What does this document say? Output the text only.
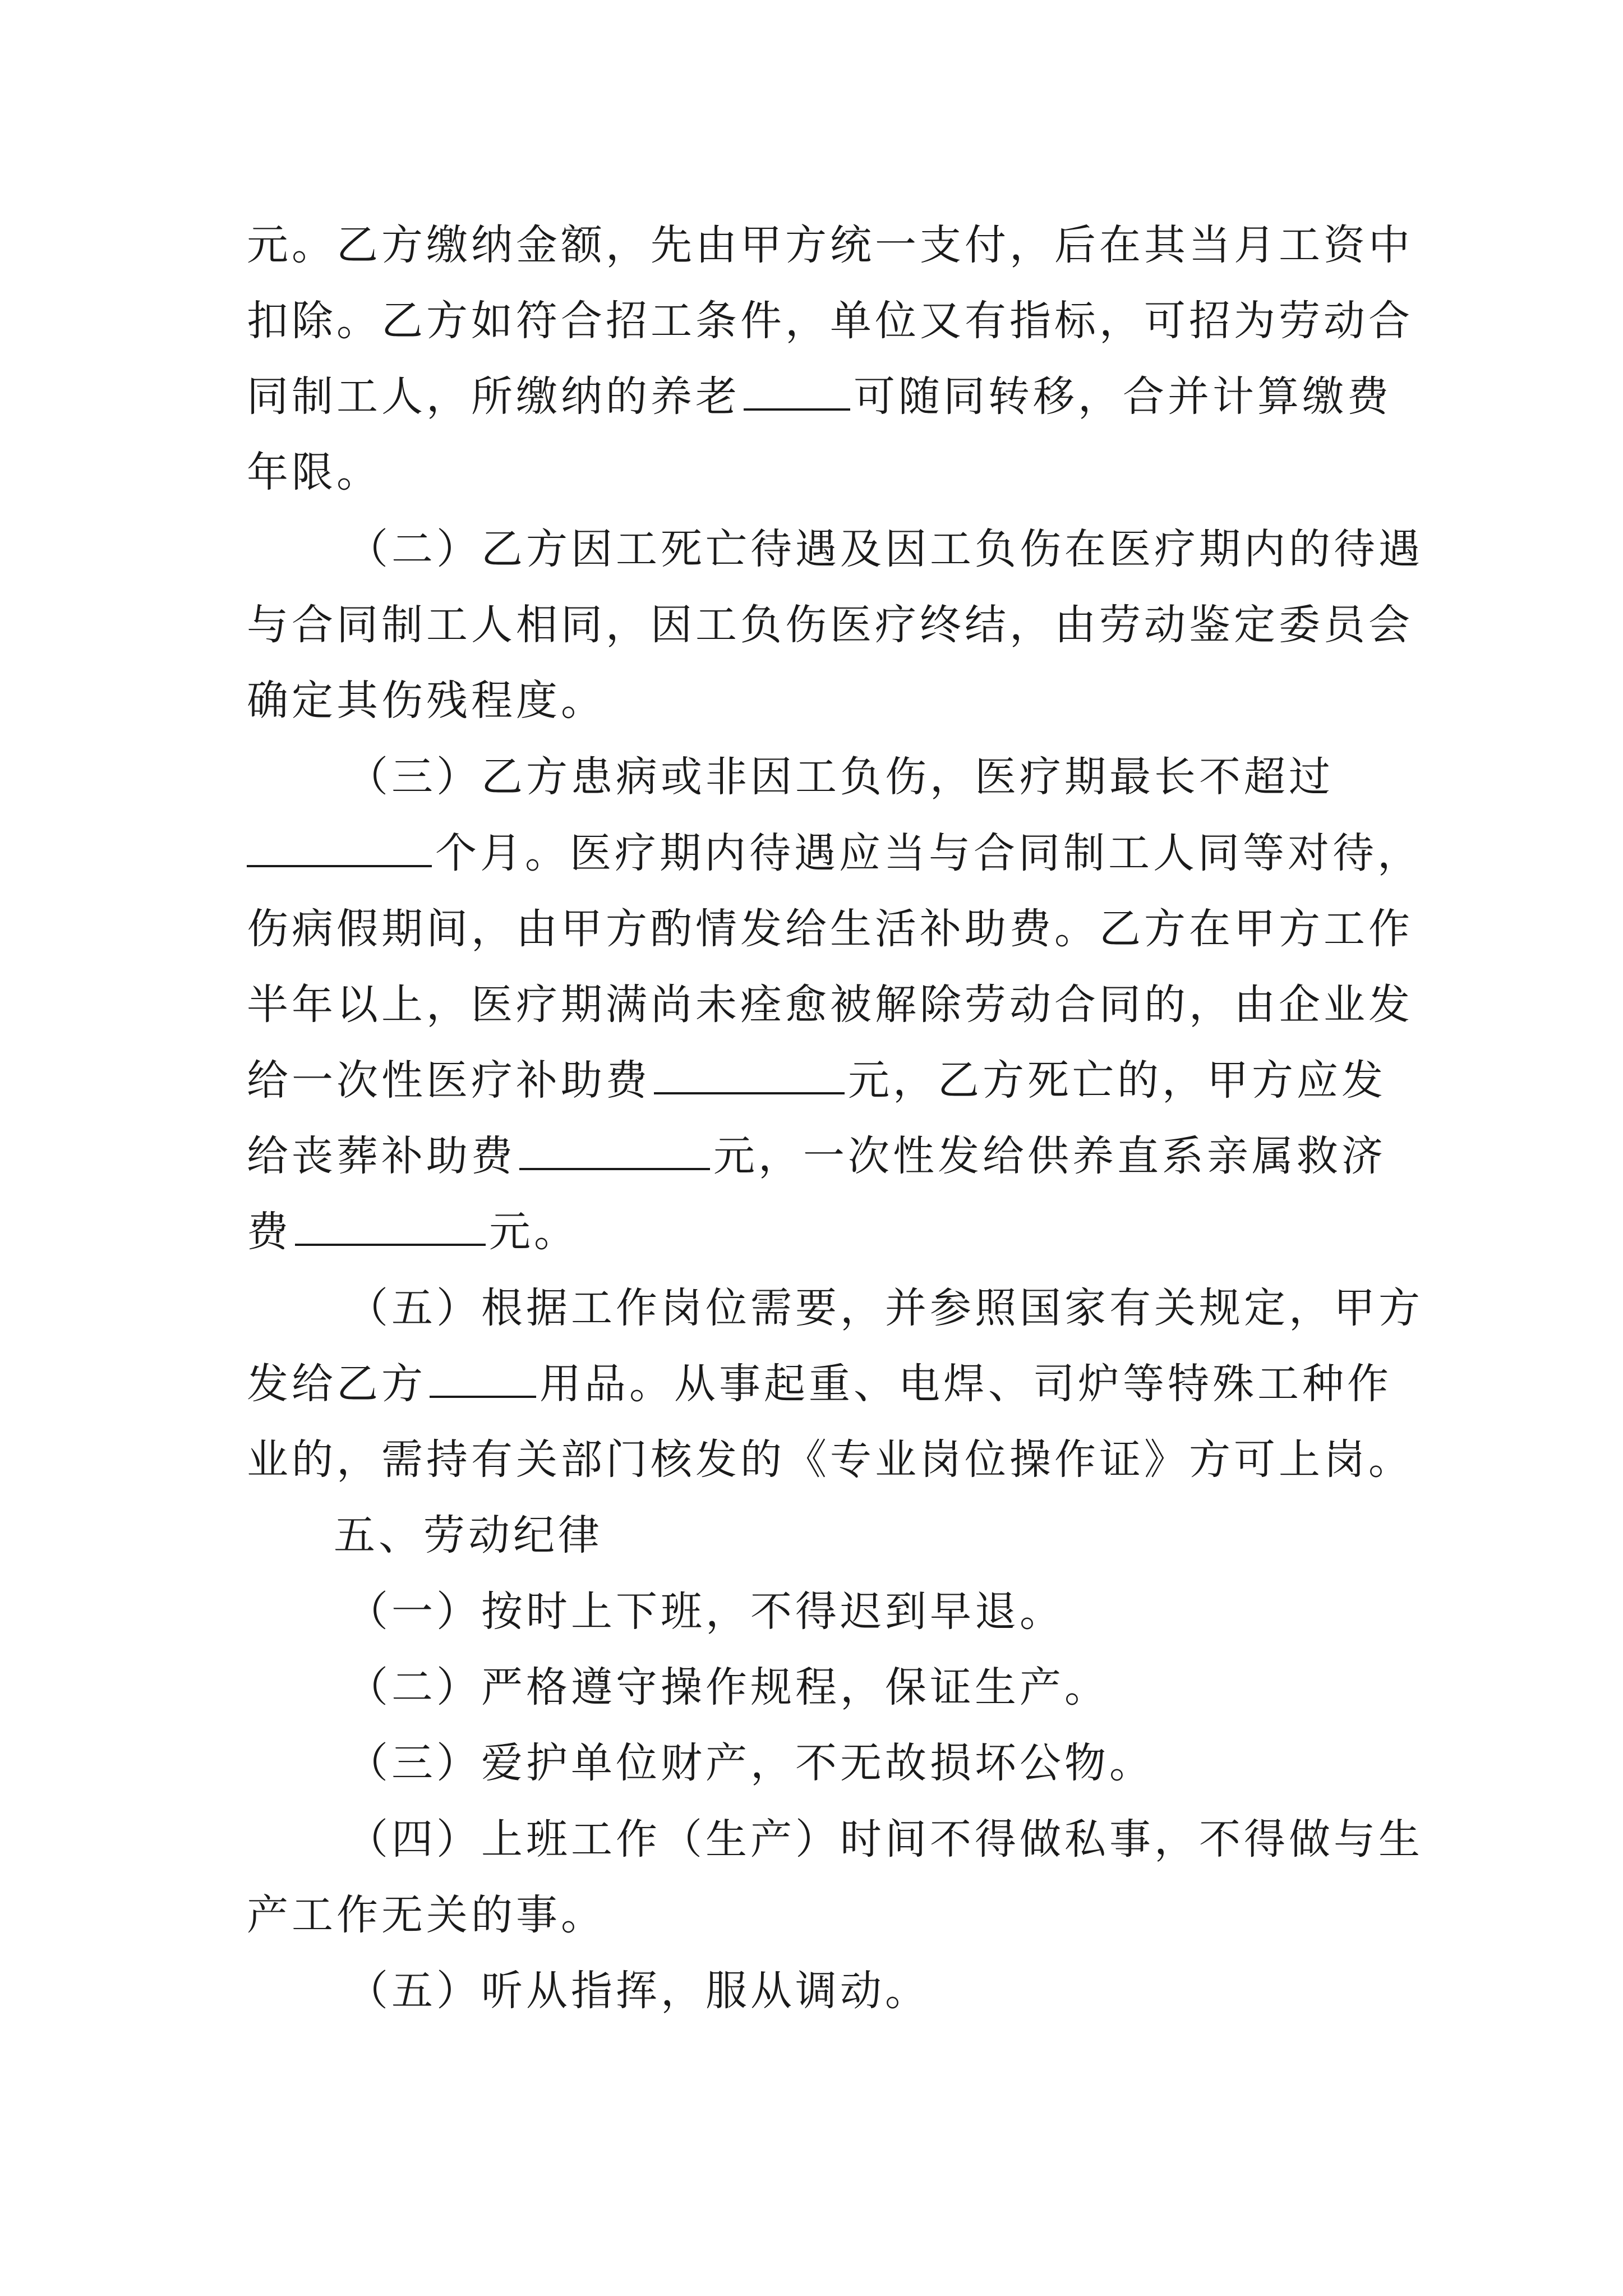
元。乙方缴纳金额，先由甲方统一支付，后在其当月工资中
扣除。乙方如符合招工条件，单位又有指标，可招为劳动合
同制工人，所缴纳的养老	可随同转移，合并计算缴费
年限。
（二）乙方因工死亡待遇及因工负伤在医疗期内的待遇
与合同制工人相同，因工负伤医疗终结，由劳动鉴定委员会
确定其伤残程度。
（三）乙方患病或非因工负伤，医疗期最长不超过
个月。医疗期内待遇应当与合同制工人同等对待，
伤病假期间，由甲方酌情发给生活补助费。乙方在甲方工作
半年以上，医疗期满尚未痊愈被解除劳动合同的，由企业发
给一次性医疗补助费	元，乙方死亡的，甲方应发
给丧葬补助费	元，一次性发给供养直系亲属救济
费	元。
（五）根据工作岗位需要，并参照国家有关规定，甲方
发给乙方	用品。从事起重、电焊、司炉等特殊工种作
业的，需持有关部门核发的《专业岗位操作证》方可上岗。
五、劳动纪律
（一）按时上下班，不得迟到早退。
（二）严格遵守操作规程，保证生产。
（三）爱护单位财产，不无故损坏公物。
（四）上班工作（生产）时间不得做私事，不得做与生
产工作无关的事。
（五）听从指挥，服从调动。
